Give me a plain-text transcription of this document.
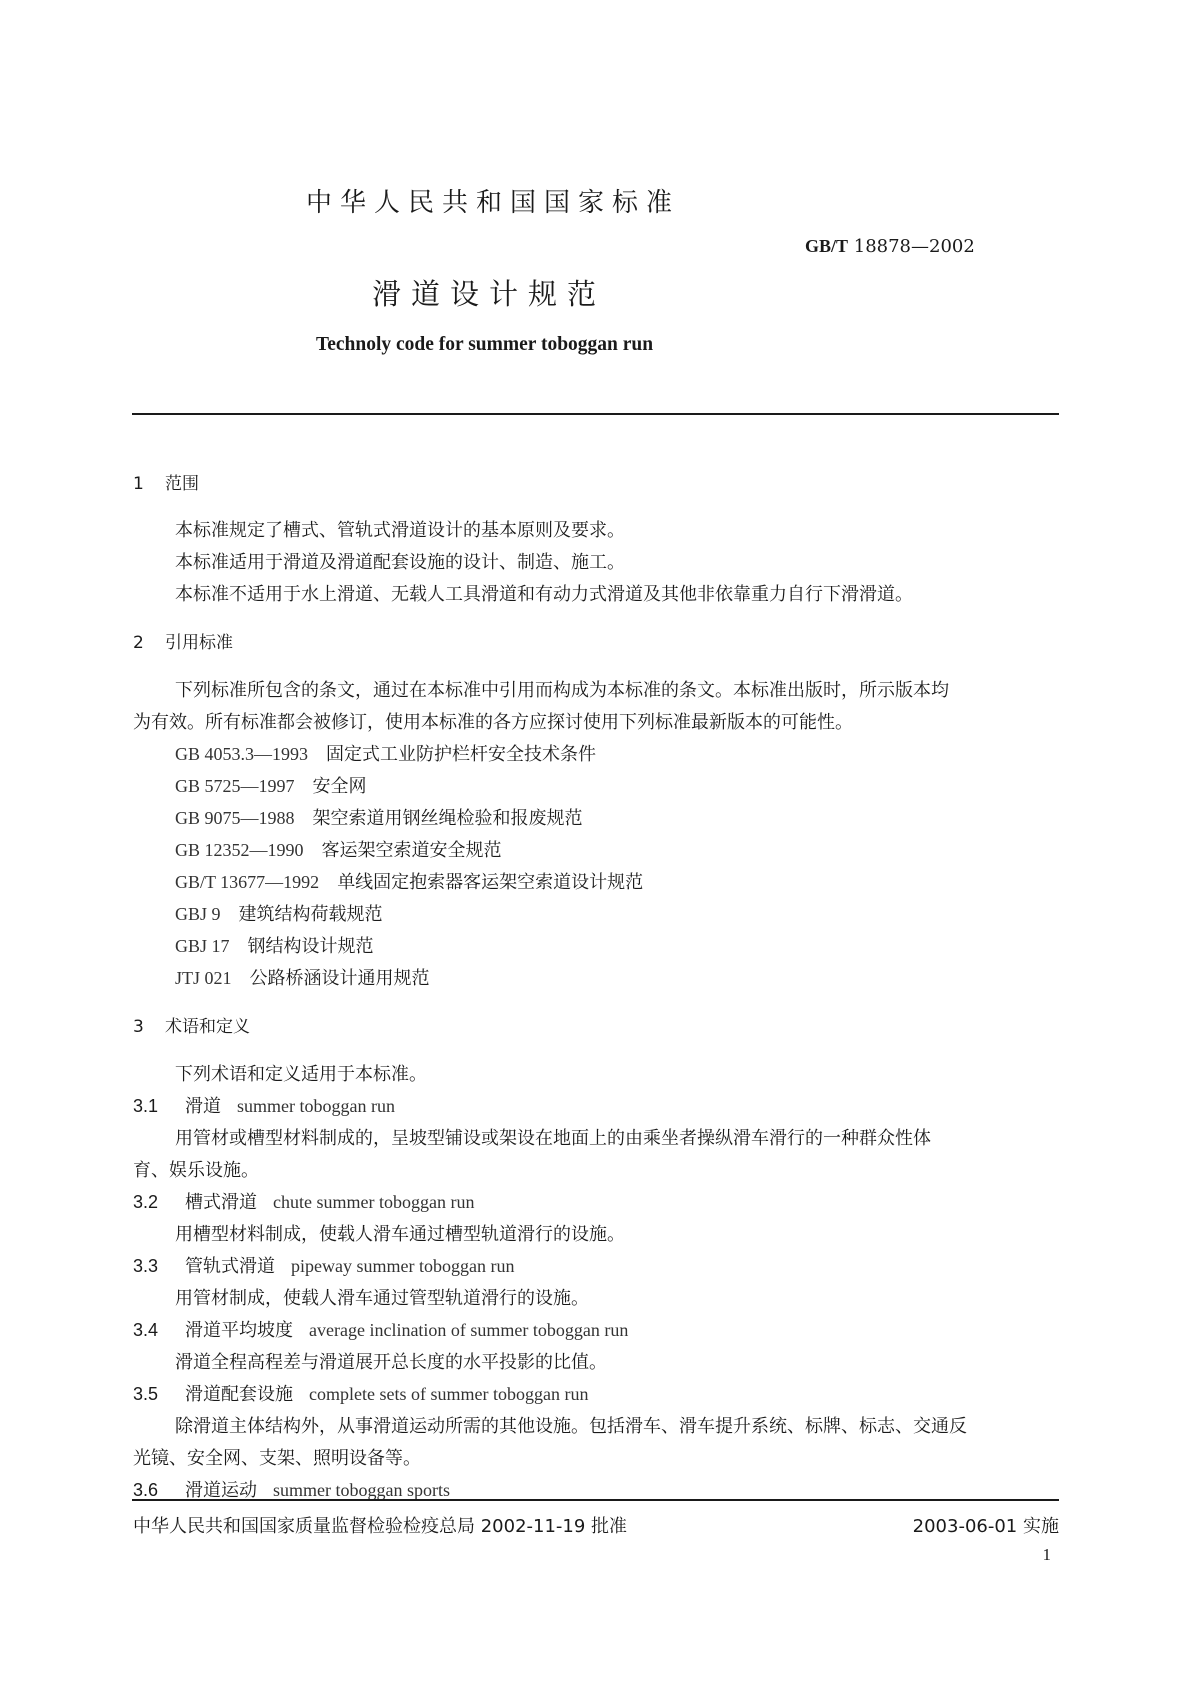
中华人民共和国国家标准
GB/T 18878—2002
滑道设计规范
Technoly code for summer toboggan run
1 范围
本标准规定了槽式、管轨式滑道设计的基本原则及要求。
本标准适用于滑道及滑道配套设施的设计、制造、施工。
本标准不适用于水上滑道、无载人工具滑道和有动力式滑道及其他非依靠重力自行下滑滑道。
2 引用标准
下列标准所包含的条文，通过在本标准中引用而构成为本标准的条文。本标准出版时，所示版本均
为有效。所有标准都会被修订，使用本标准的各方应探讨使用下列标准最新版本的可能性。
GB 4053.3—1993　 固定式工业防护栏杆安全技术条件
GB 5725—1997　 安全网
GB 9075—1988　 架空索道用钢丝绳检验和报废规范
GB 12352—1990　 客运架空索道安全规范
GB/T 13677—1992　 单线固定抱索器客运架空索道设计规范
GBJ 9　 建筑结构荷载规范
GBJ 17　 钢结构设计规范
JTJ 021　 公路桥涵设计通用规范
3 术语和定义
下列术语和定义适用于本标准。
3.1 滑道 summer toboggan run
用管材或槽型材料制成的，呈坡型铺设或架设在地面上的由乘坐者操纵滑车滑行的一种群众性体
育、娱乐设施。
3.2 槽式滑道 chute summer toboggan run
用槽型材料制成，使载人滑车通过槽型轨道滑行的设施。
3.3 管轨式滑道 pipeway summer toboggan run
用管材制成，使载人滑车通过管型轨道滑行的设施。
3.4 滑道平均坡度 average inclination of summer toboggan run
滑道全程高程差与滑道展开总长度的水平投影的比值。
3.5 滑道配套设施 complete sets of summer toboggan run
除滑道主体结构外，从事滑道运动所需的其他设施。包括滑车、滑车提升系统、标牌、标志、交通反
光镜、安全网、支架、照明设备等。
3.6 滑道运动 summer toboggan sports
中华人民共和国国家质量监督检验检疫总局 2002-11-19 批准	2003-06-01 实施
1
